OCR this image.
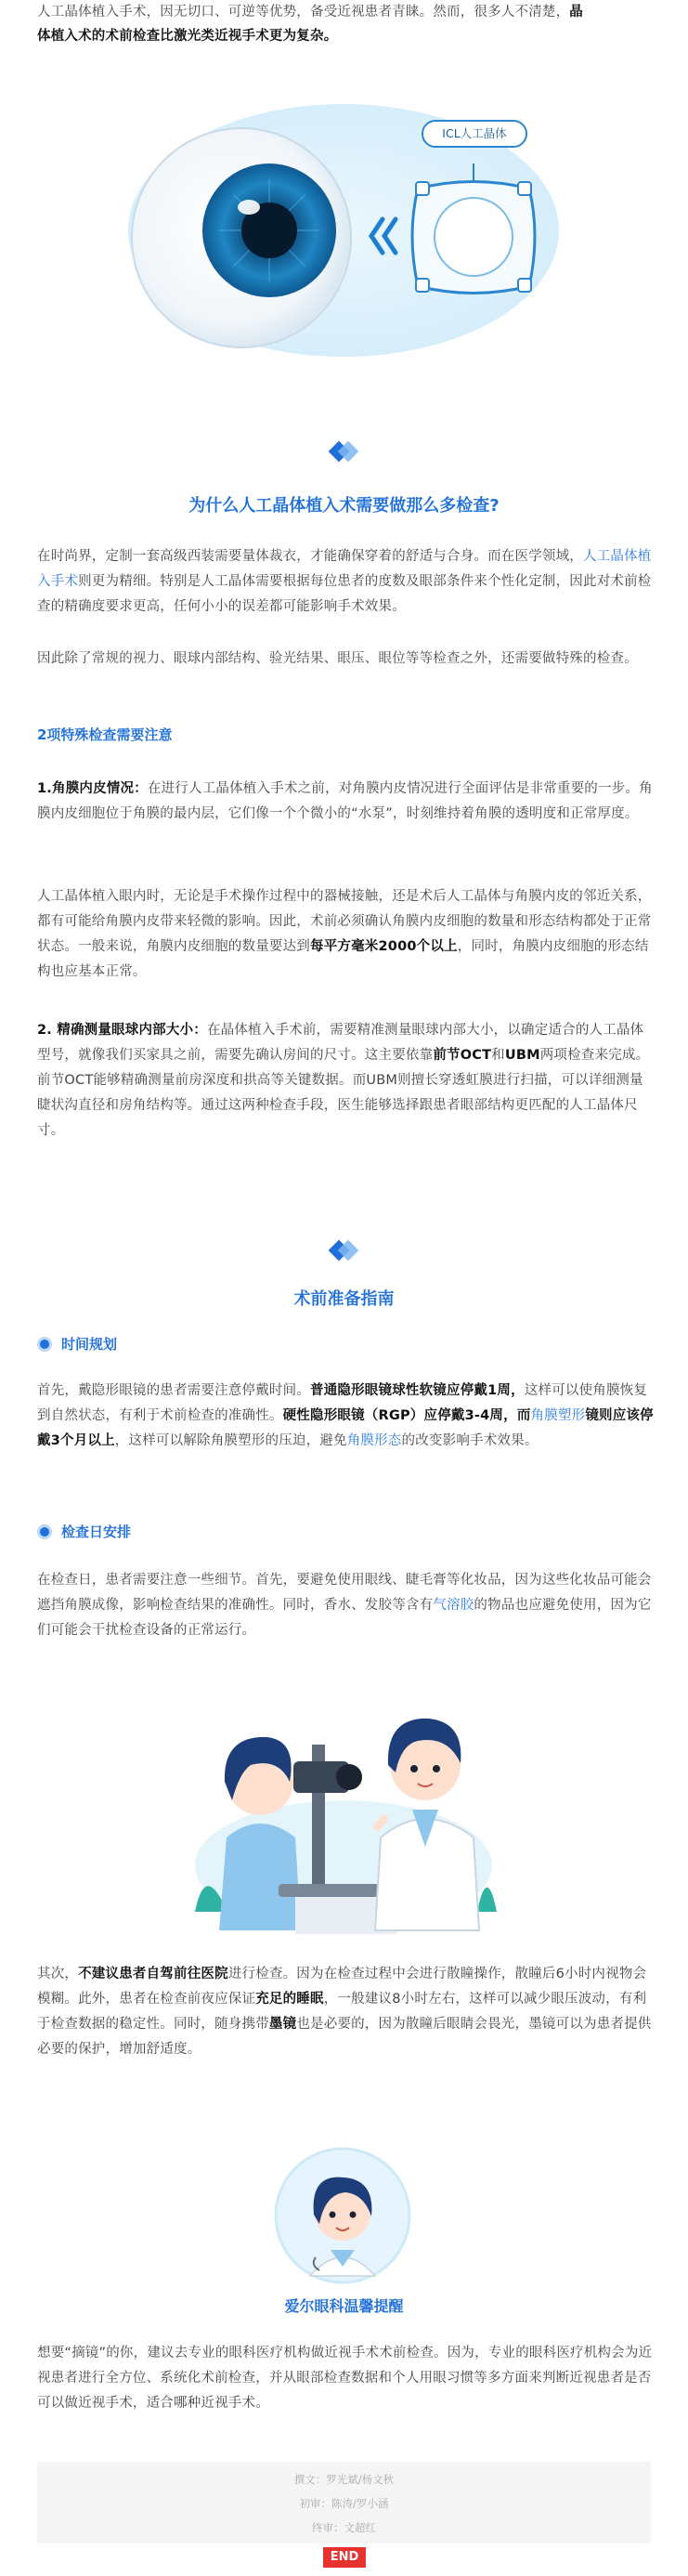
人工晶体植入手术，因无切口、可逆等优势，备受近视患者青睐。然而，很多人不清楚，晶
体植入术的术前检查比激光类近视手术更为复杂。

ICL人工晶体
为什么人工晶体植入术需要做那么多检查?

在时尚界，定制一套高级西装需要量体裁衣，才能确保穿着的舒适与合身。而在医学领域，人工晶体植入手术则更为精细。特别是人工晶体需要根据每位患者的度数及眼部条件来个性化定制，因此对术前检查的精确度要求更高，任何小小的误差都可能影响手术效果。

因此除了常规的视力、眼球内部结构、验光结果、眼压、眼位等等检查之外，还需要做特殊的检查。

2项特殊检查需要注意

1.角膜内皮情况：在进行人工晶体植入手术之前，对角膜内皮情况进行全面评估是非常重要的一步。角膜内皮细胞位于角膜的最内层，它们像一个个微小的“水泵”，时刻维持着角膜的透明度和正常厚度。

人工晶体植入眼内时，无论是手术操作过程中的器械接触，还是术后人工晶体与角膜内皮的邻近关系，都有可能给角膜内皮带来轻微的影响。因此，术前必须确认角膜内皮细胞的数量和形态结构都处于正常状态。一般来说，角膜内皮细胞的数量要达到每平方毫米2000个以上，同时，角膜内皮细胞的形态结构也应基本正常。

2. 精确测量眼球内部大小：在晶体植入手术前，需要精准测量眼球内部大小，以确定适合的人工晶体型号，就像我们买家具之前，需要先确认房间的尺寸。这主要依靠前节OCT和UBM两项检查来完成。前节OCT能够精确测量前房深度和拱高等关键数据。而UBM则擅长穿透虹膜进行扫描，可以详细测量睫状沟直径和房角结构等。通过这两种检查手段，医生能够选择跟患者眼部结构更匹配的人工晶体尺寸。

术前准备指南
时间规划

首先，戴隐形眼镜的患者需要注意停戴时间。普通隐形眼镜球性软镜应停戴1周，这样可以使角膜恢复到自然状态，有利于术前检查的准确性。硬性隐形眼镜（RGP）应停戴3-4周，而角膜塑形镜则应该停戴3个月以上，这样可以解除角膜塑形的压迫，避免角膜形态的改变影响手术效果。

检查日安排

在检查日，患者需要注意一些细节。首先，要避免使用眼线、睫毛膏等化妆品，因为这些化妆品可能会遮挡角膜成像，影响检查结果的准确性。同时，香水、发胶等含有气溶胶的物品也应避免使用，因为它们可能会干扰检查设备的正常运行。

其次，不建议患者自驾前往医院进行检查。因为在检查过程中会进行散瞳操作，散瞳后6小时内视物会模糊。此外，患者在检查前夜应保证充足的睡眠，一般建议8小时左右，这样可以减少眼压波动，有利于检查数据的稳定性。同时，随身携带墨镜也是必要的，因为散瞳后眼睛会畏光，墨镜可以为患者提供必要的保护，增加舒适度。

爱尔眼科温馨提醒

想要“摘镜”的你，建议去专业的眼科医疗机构做近视手术术前检查。因为，专业的眼科医疗机构会为近视患者进行全方位、系统化术前检查，并从眼部检查数据和个人用眼习惯等多方面来判断近视患者是否可以做近视手术，适合哪种近视手术。

撰文：罗光斌/杨文秋
初审：陈涛/罗小涵
终审：文超红
END
